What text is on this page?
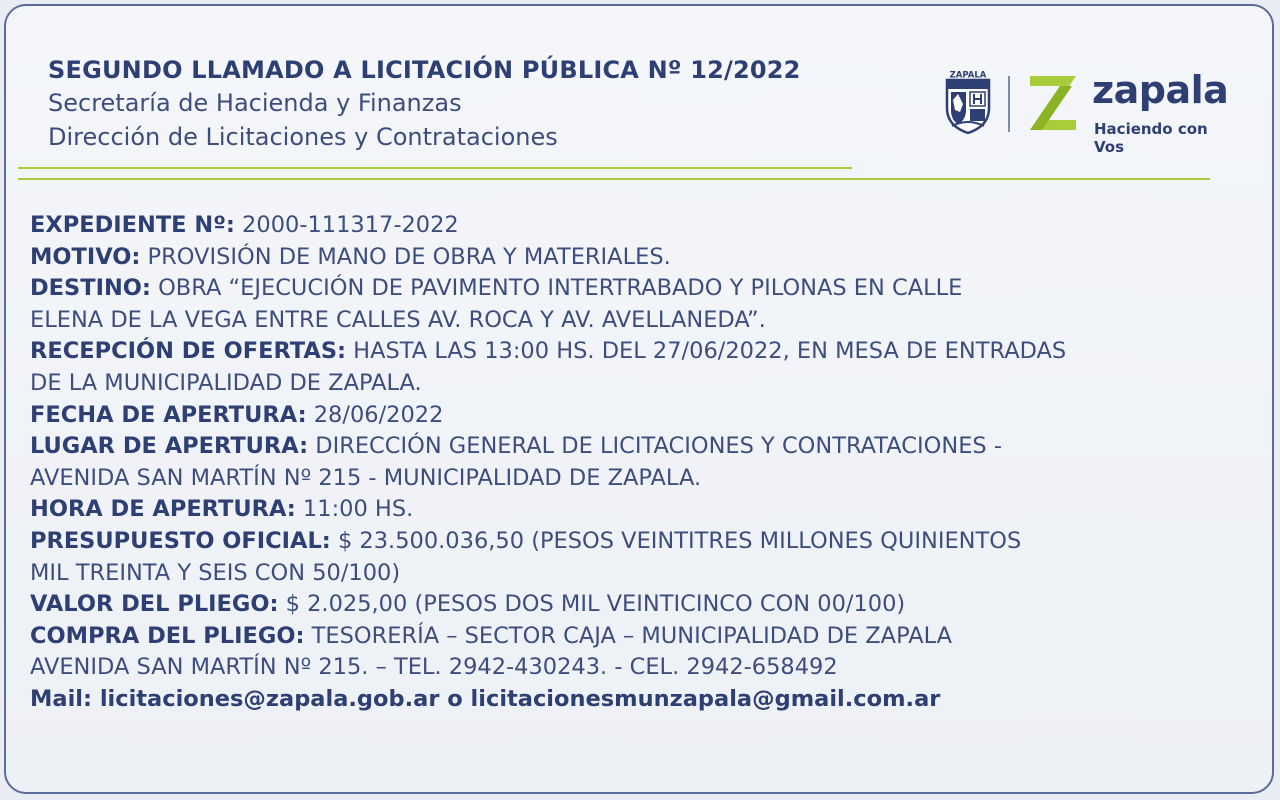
SEGUNDO LLAMADO A LICITACIÓN PÚBLICA Nº 12/2022
Secretaría de Hacienda y Finanzas
Dirección de Licitaciones y Contrataciones
ZAPALA	zapala
Haciendo con Vos
EXPEDIENTE Nº: 2000-111317-2022
MOTIVO: PROVISIÓN DE MANO DE OBRA Y MATERIALES.
DESTINO: OBRA “EJECUCIÓN DE PAVIMENTO INTERTRABADO Y PILONAS EN CALLE
ELENA DE LA VEGA ENTRE CALLES AV. ROCA Y AV. AVELLANEDA”.
RECEPCIÓN DE OFERTAS: HASTA LAS 13:00 HS. DEL 27/06/2022, EN MESA DE ENTRADAS
DE LA MUNICIPALIDAD DE ZAPALA.
FECHA DE APERTURA: 28/06/2022
LUGAR DE APERTURA: DIRECCIÓN GENERAL DE LICITACIONES Y CONTRATACIONES -
AVENIDA SAN MARTÍN Nº 215 - MUNICIPALIDAD DE ZAPALA.
HORA DE APERTURA: 11:00 HS.
PRESUPUESTO OFICIAL: $ 23.500.036,50 (PESOS VEINTITRES MILLONES QUINIENTOS
MIL TREINTA Y SEIS CON 50/100)
VALOR DEL PLIEGO: $ 2.025,00 (PESOS DOS MIL VEINTICINCO CON 00/100)
COMPRA DEL PLIEGO: TESORERÍA – SECTOR CAJA – MUNICIPALIDAD DE ZAPALA
AVENIDA SAN MARTÍN Nº 215. – TEL. 2942-430243. - CEL. 2942-658492
Mail: licitaciones@zapala.gob.ar o licitacionesmunzapala@gmail.com.ar
